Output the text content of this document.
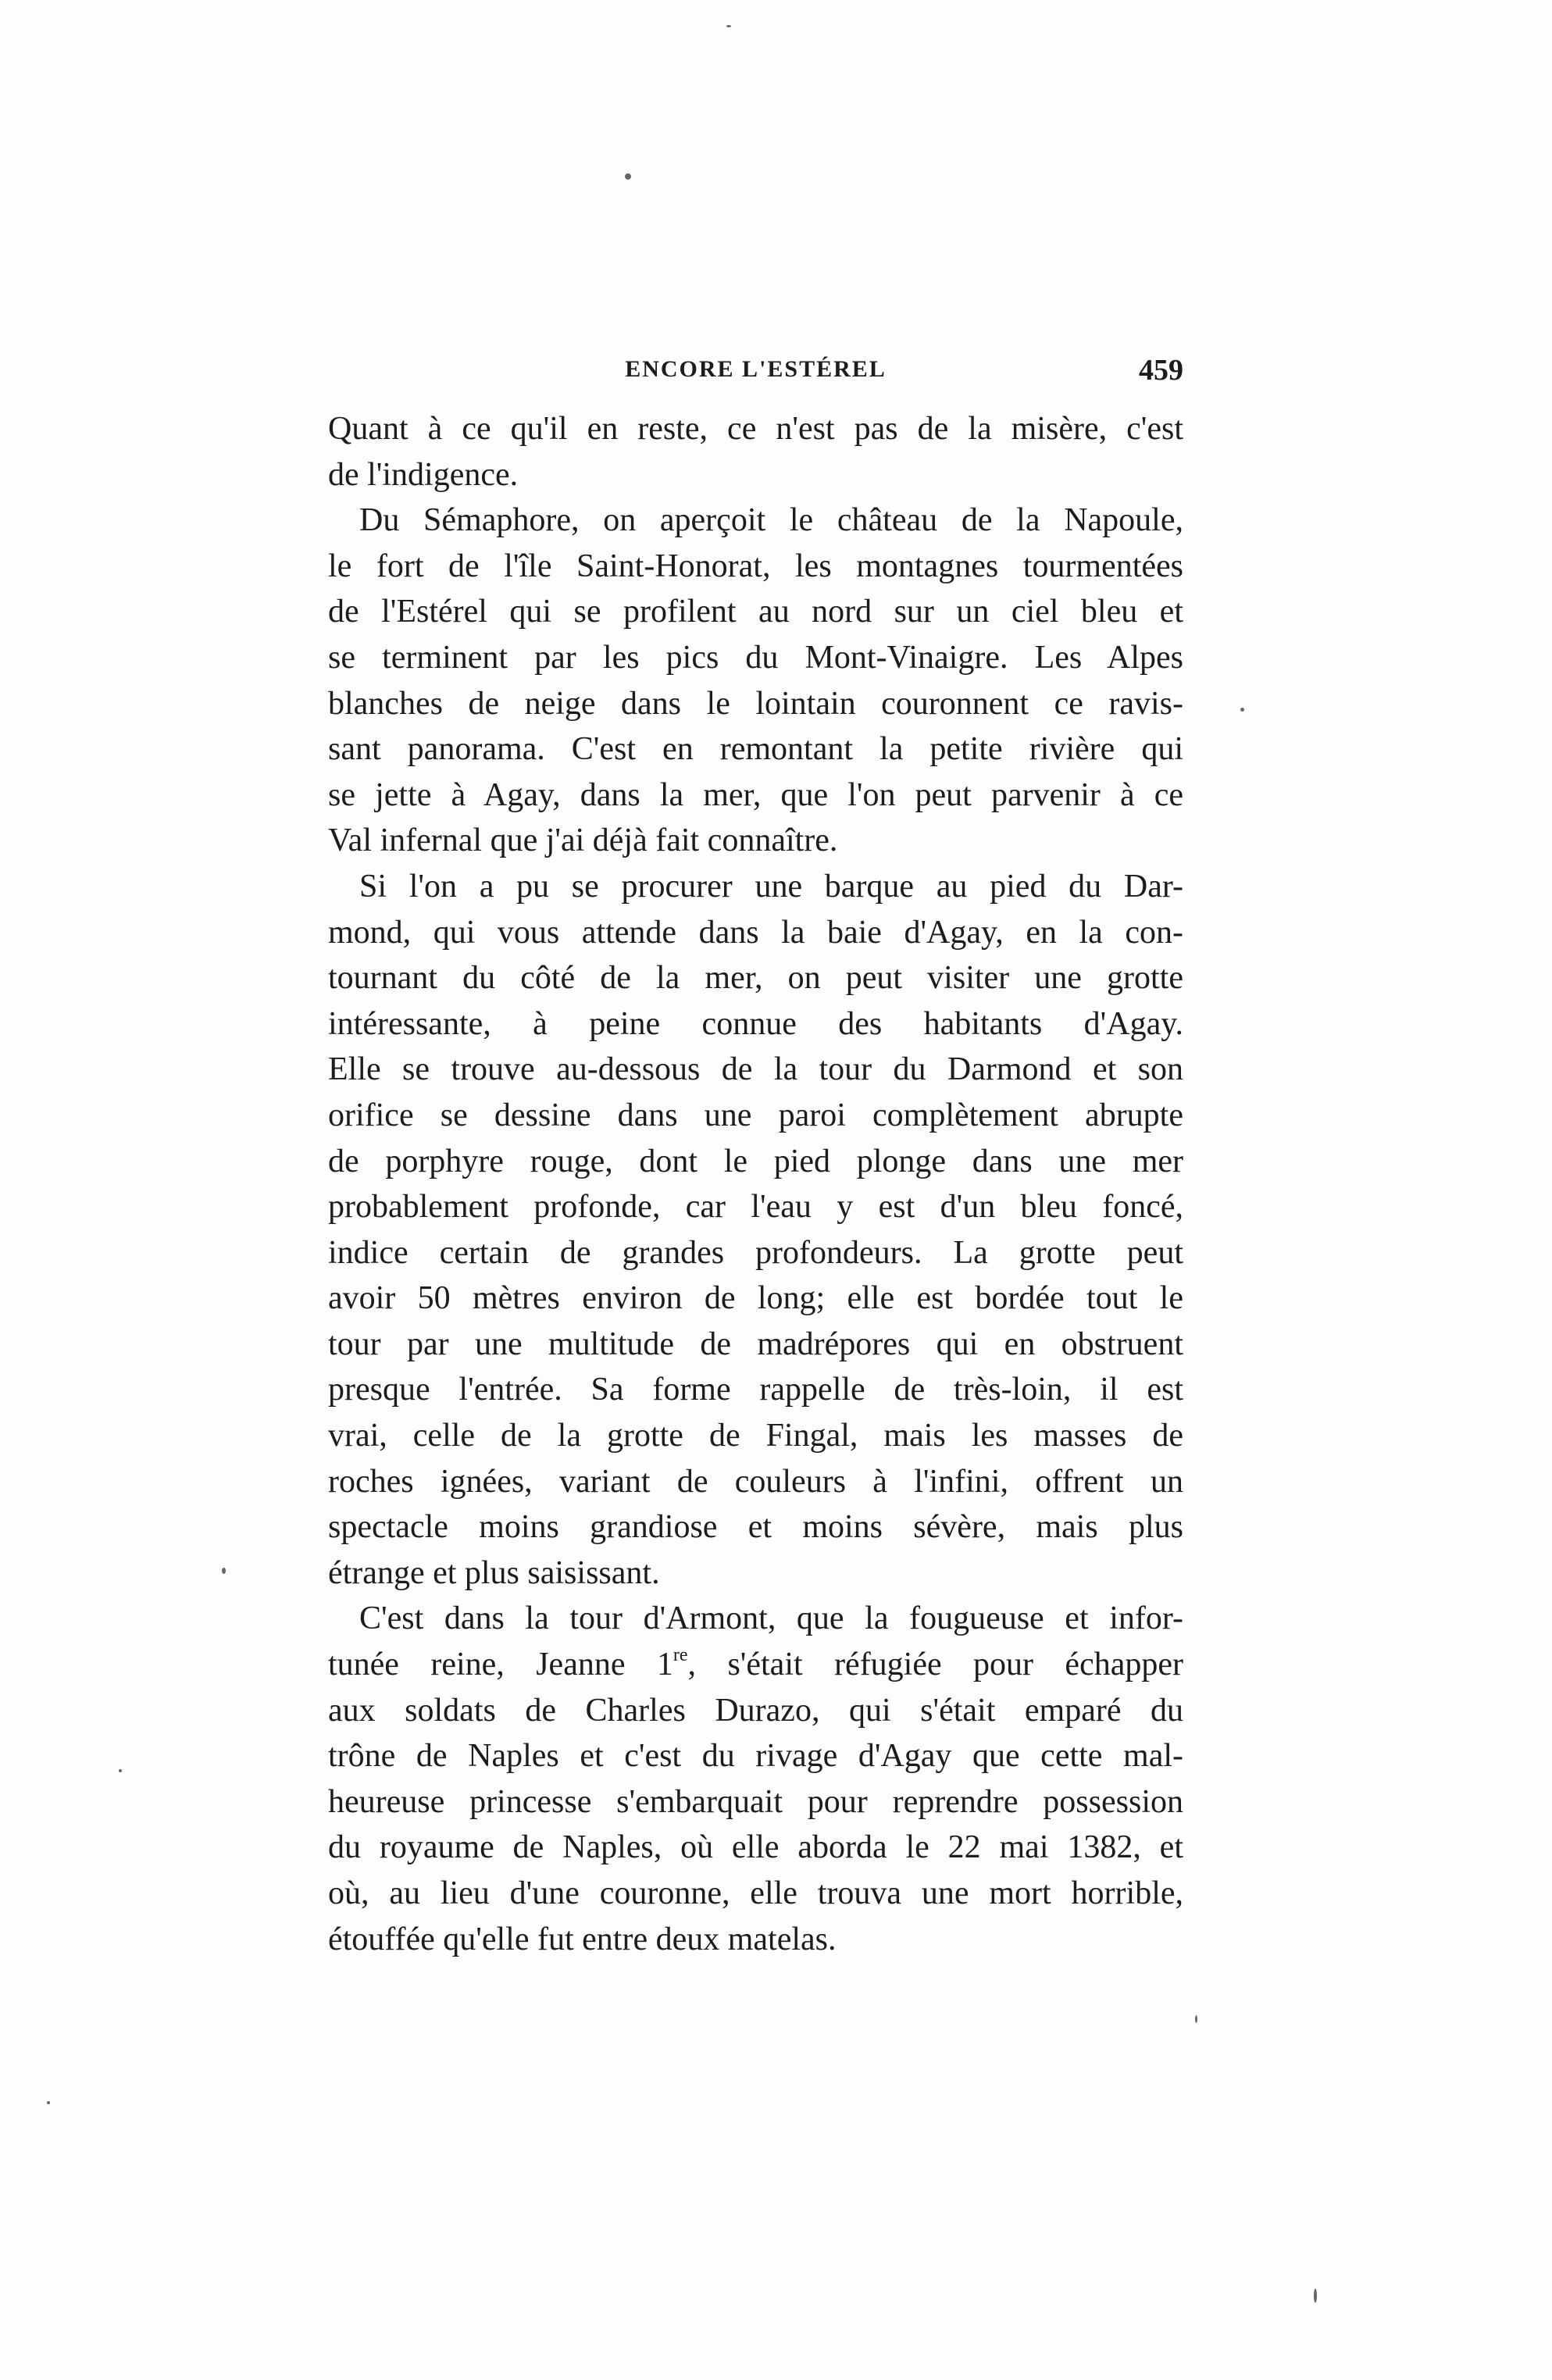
ENCORE L'ESTÉREL	459
Quant à ce qu'il en reste, ce n'est pas de la misère, c'est
de l'indigence.
Du Sémaphore, on aperçoit le château de la Napoule,
le fort de l'île Saint-Honorat, les montagnes tourmentées
de l'Estérel qui se profilent au nord sur un ciel bleu et
se terminent par les pics du Mont-Vinaigre. Les Alpes
blanches de neige dans le lointain couronnent ce ravis-
sant panorama. C'est en remontant la petite rivière qui
se jette à Agay, dans la mer, que l'on peut parvenir à ce
Val infernal que j'ai déjà fait connaître.
Si l'on a pu se procurer une barque au pied du Dar-
mond, qui vous attende dans la baie d'Agay, en la con-
tournant du côté de la mer, on peut visiter une grotte
intéressante, à peine connue des habitants d'Agay.
Elle se trouve au-dessous de la tour du Darmond et son
orifice se dessine dans une paroi complètement abrupte
de porphyre rouge, dont le pied plonge dans une mer
probablement profonde, car l'eau y est d'un bleu foncé,
indice certain de grandes profondeurs. La grotte peut
avoir 50 mètres environ de long; elle est bordée tout le
tour par une multitude de madrépores qui en obstruent
presque l'entrée. Sa forme rappelle de très-loin, il est
vrai, celle de la grotte de Fingal, mais les masses de
roches ignées, variant de couleurs à l'infini, offrent un
spectacle moins grandiose et moins sévère, mais plus
étrange et plus saisissant.
C'est dans la tour d'Armont, que la fougueuse et infor-
tunée reine, Jeanne 1re, s'était réfugiée pour échapper
aux soldats de Charles Durazo, qui s'était emparé du
trône de Naples et c'est du rivage d'Agay que cette mal-
heureuse princesse s'embarquait pour reprendre possession
du royaume de Naples, où elle aborda le 22 mai 1382, et
où, au lieu d'une couronne, elle trouva une mort horrible,
étouffée qu'elle fut entre deux matelas.
